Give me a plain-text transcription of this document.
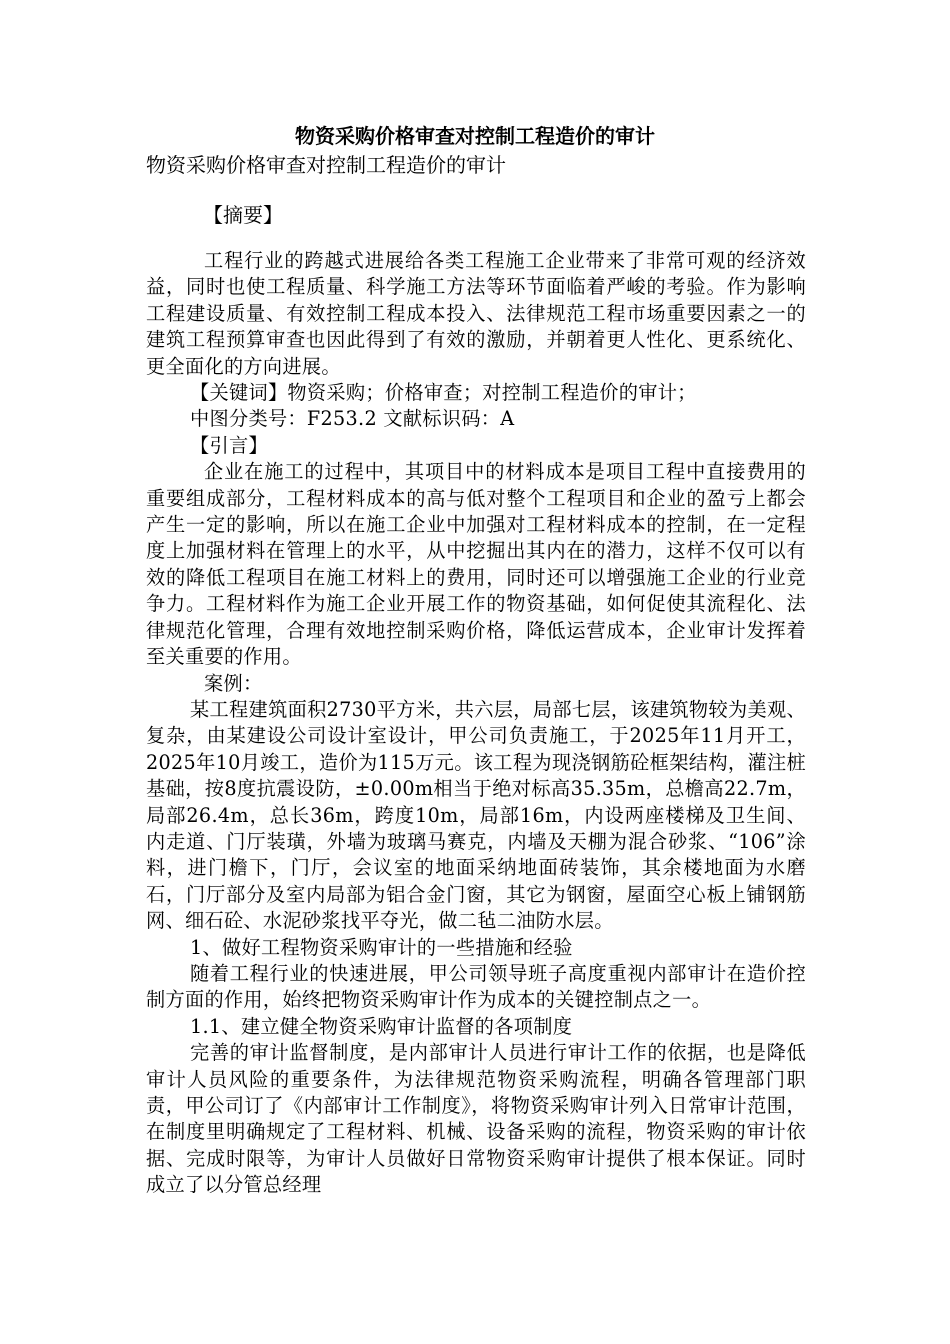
物资采购价格审查对控制工程造价的审计
物资采购价格审查对控制工程造价的审计
【摘要】

工程行业的跨越式进展给各类工程施工企业带来了非常可观的经济效益，同时也使工程质量、科学施工方法等环节面临着严峻的考验。作为影响工程建设质量、有效控制工程成本投入、法律规范工程市场重要因素之一的建筑工程预算审查也因此得到了有效的激励，并朝着更人性化、更系统化、更全面化的方向进展。

【关键词】物资采购；价格审查；对控制工程造价的审计；

中图分类号：F253.2 文献标识码：A

【引言】

企业在施工的过程中，其项目中的材料成本是项目工程中直接费用的重要组成部分，工程材料成本的高与低对整个工程项目和企业的盈亏上都会产生一定的影响，所以在施工企业中加强对工程材料成本的控制，在一定程度上加强材料在管理上的水平，从中挖掘出其内在的潜力，这样不仅可以有效的降低工程项目在施工材料上的费用，同时还可以增强施工企业的行业竞争力。工程材料作为施工企业开展工作的物资基础，如何促使其流程化、法律规范化管理，合理有效地控制采购价格，降低运营成本，企业审计发挥着至关重要的作用。

案例：

某工程建筑面积2730平方米，共六层，局部七层，该建筑物较为美观、复杂，由某建设公司设计室设计，甲公司负责施工，于2025年11月开工，2025年10月竣工，造价为115万元。该工程为现浇钢筋砼框架结构，灌注桩基础，按8度抗震设防，±0.00m相当于绝对标高35.35m，总檐高22.7m，局部26.4m，总长36m，跨度10m，局部16m，内设两座楼梯及卫生间、内走道、门厅装璜，外墙为玻璃马赛克，内墙及天棚为混合砂浆、“106”涂料，进门檐下，门厅，会议室的地面采纳地面砖装饰，其余楼地面为水磨石，门厅部分及室内局部为铝合金门窗，其它为钢窗，屋面空心板上铺钢筋网、细石砼、水泥砂浆找平夺光，做二毡二油防水层。

1、做好工程物资采购审计的一些措施和经验

随着工程行业的快速进展，甲公司领导班子高度重视内部审计在造价控制方面的作用，始终把物资采购审计作为成本的关键控制点之一。

1.1、建立健全物资采购审计监督的各项制度

完善的审计监督制度，是内部审计人员进行审计工作的依据，也是降低审计人员风险的重要条件，为法律规范物资采购流程，明确各管理部门职责，甲公司订了《内部审计工作制度》，将物资采购审计列入日常审计范围，在制度里明确规定了工程材料、机械、设备采购的流程，物资采购的审计依据、完成时限等，为审计人员做好日常物资采购审计提供了根本保证。同时成立了以分管总经理
